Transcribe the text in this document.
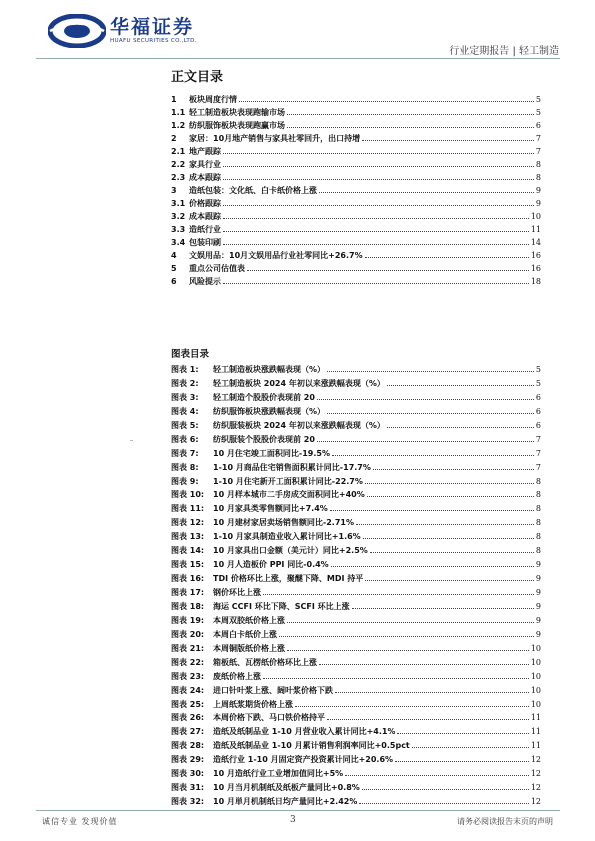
华福证券
HUAFU SECURITIES CO.,LTD.
行业定期报告 | 轻工制造
正文目录
1	板块周度行情	5
1.1 轻工制造板块表现跑输市场	5
1.2 纺织服饰板块表现跑赢市场	6
2	家居：10月地产销售与家具社零回升，出口持增	7
2.1 地产跟踪	7
2.2 家具行业	8
2.3 成本跟踪	8
3	造纸包装：文化纸、白卡纸价格上涨	9
3.1 价格跟踪	9
3.2 成本跟踪	10
3.3 造纸行业	11
3.4 包装印刷	14
4	文娱用品：10月文娱用品行业社零同比+26.7%	16
5	重点公司估值表	16
6	风险提示	18
图表目录
图表 1:	轻工制造板块涨跌幅表现（%）	5
图表 2:	轻工制造板块 2024 年初以来涨跌幅表现（%）	5
图表 3:	轻工制造个股股价表现前 20	6
图表 4:	纺织服饰板块涨跌幅表现（%）	6
图表 5:	纺织服装板块 2024 年初以来涨跌幅表现（%）	6
图表 6:	纺织服装个股股价表现前 20	7
图表 7:	10 月住宅竣工面积同比-19.5%	7
图表 8:	1-10 月商品住宅销售面积累计同比-17.7%	7
图表 9:	1-10 月住宅新开工面积累计同比-22.7%	8
图表 10:	10 月样本城市二手房成交面积同比+40%	8
图表 11:	10 月家具类零售额同比+7.4%	8
图表 12:	10 月建材家居卖场销售额同比-2.71%	8
图表 13:	1-10 月家具制造业收入累计同比+1.6%	8
图表 14:	10 月家具出口金额（美元计）同比+2.5%	8
图表 15:	10 月人造板价 PPI 同比-0.4%	9
图表 16:	TDI 价格环比上涨，聚醚下降、MDI 持平	9
图表 17:	钢价环比上涨	9
图表 18:	海运 CCFI 环比下降、SCFI 环比上涨	9
图表 19:	本周双胶纸价格上涨	9
图表 20:	本周白卡纸价上涨	9
图表 21:	本周铜版纸价格上涨	10
图表 22:	箱板纸、瓦楞纸价格环比上涨	10
图表 23:	废纸价格上涨	10
图表 24:	进口针叶浆上涨、阔叶浆价格下跌	10
图表 25:	上周纸浆期货价格上涨	10
图表 26:	本周价格下跌、马口铁价格持平	11
图表 27:	造纸及纸制品业 1-10 月营业收入累计同比+4.1%	11
图表 28:	造纸及纸制品业 1-10 月累计销售利润率同比+0.5pct	11
图表 29:	造纸行业 1-10 月固定资产投资累计同比+20.6%	12
图表 30:	10 月造纸行业工业增加值同比+5%	12
图表 31:	10 月当月机制纸及纸板产量同比+0.8%	12
图表 32:	10 月単月机制纸日均产量同比+2.42%	12
诚信专业 发现价值	3	请务必阅读报告末页的声明
